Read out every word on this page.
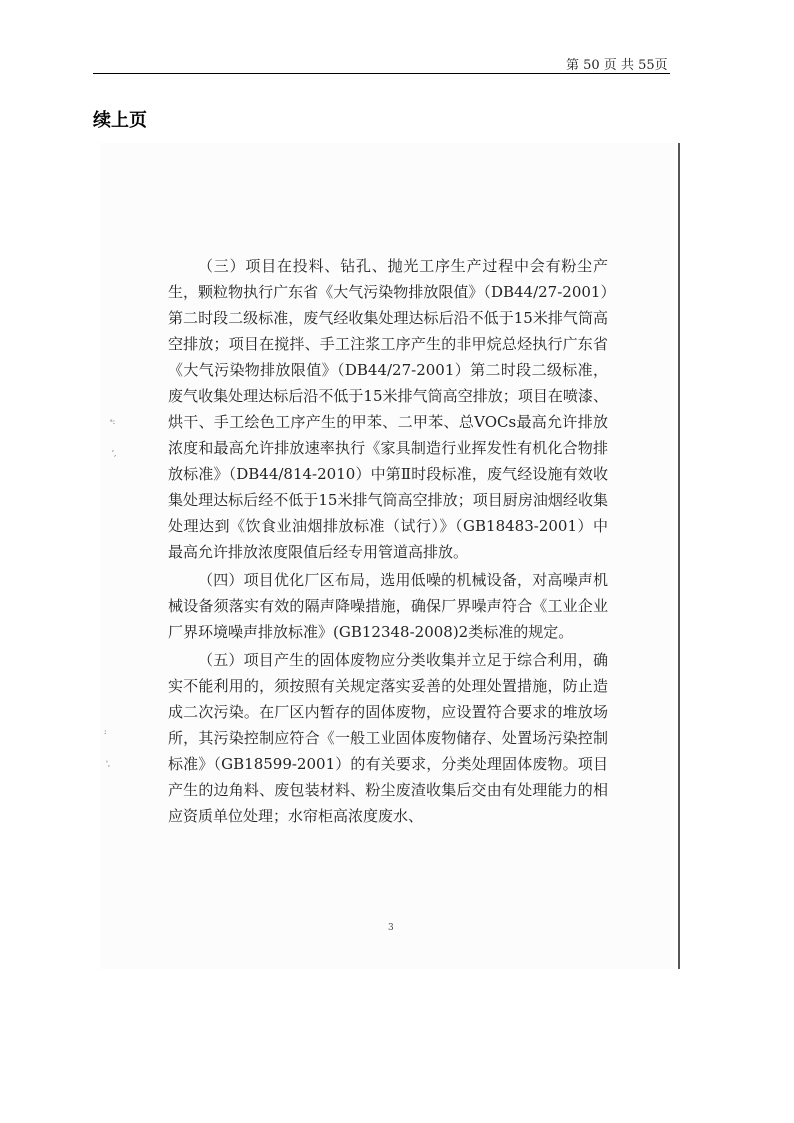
第 50 页 共 55页
续上页
ᵃ:
ʹ,
:
',

（三）项目在投料、钻孔、抛光工序生产过程中会有粉尘产生，颗粒物执行广东省《大气污染物排放限值》（DB44/27-2001）第二时段二级标准，废气经收集处理达标后沿不低于15米排气筒高空排放；项目在搅拌、手工注浆工序产生的非甲烷总烃执行广东省《大气污染物排放限值》（DB44/27-2001）第二时段二级标准，废气收集处理达标后沿不低于15米排气筒高空排放；项目在喷漆、烘干、手工绘色工序产生的甲苯、二甲苯、总VOCs最高允许排放浓度和最高允许排放速率执行《家具制造行业挥发性有机化合物排放标准》（DB44/814-2010）中第Ⅱ时段标准，废气经设施有效收集处理达标后经不低于15米排气筒高空排放；项目厨房油烟经收集处理达到《饮食业油烟排放标准（试行）》（GB18483-2001）中最高允许排放浓度限值后经专用管道高排放。

（四）项目优化厂区布局，选用低噪的机械设备，对高噪声机械设备须落实有效的隔声降噪措施，确保厂界噪声符合《工业企业厂界环境噪声排放标准》(GB12348-2008)2类标准的规定。

（五）项目产生的固体废物应分类收集并立足于综合利用，确实不能利用的，须按照有关规定落实妥善的处理处置措施，防止造成二次污染。在厂区内暂存的固体废物，应设置符合要求的堆放场所，其污染控制应符合《一般工业固体废物储存、处置场污染控制标准》（GB18599-2001）的有关要求，分类处理固体废物。项目产生的边角料、废包装材料、粉尘废渣收集后交由有处理能力的相应资质单位处理；水帘柜高浓度废水、

3
